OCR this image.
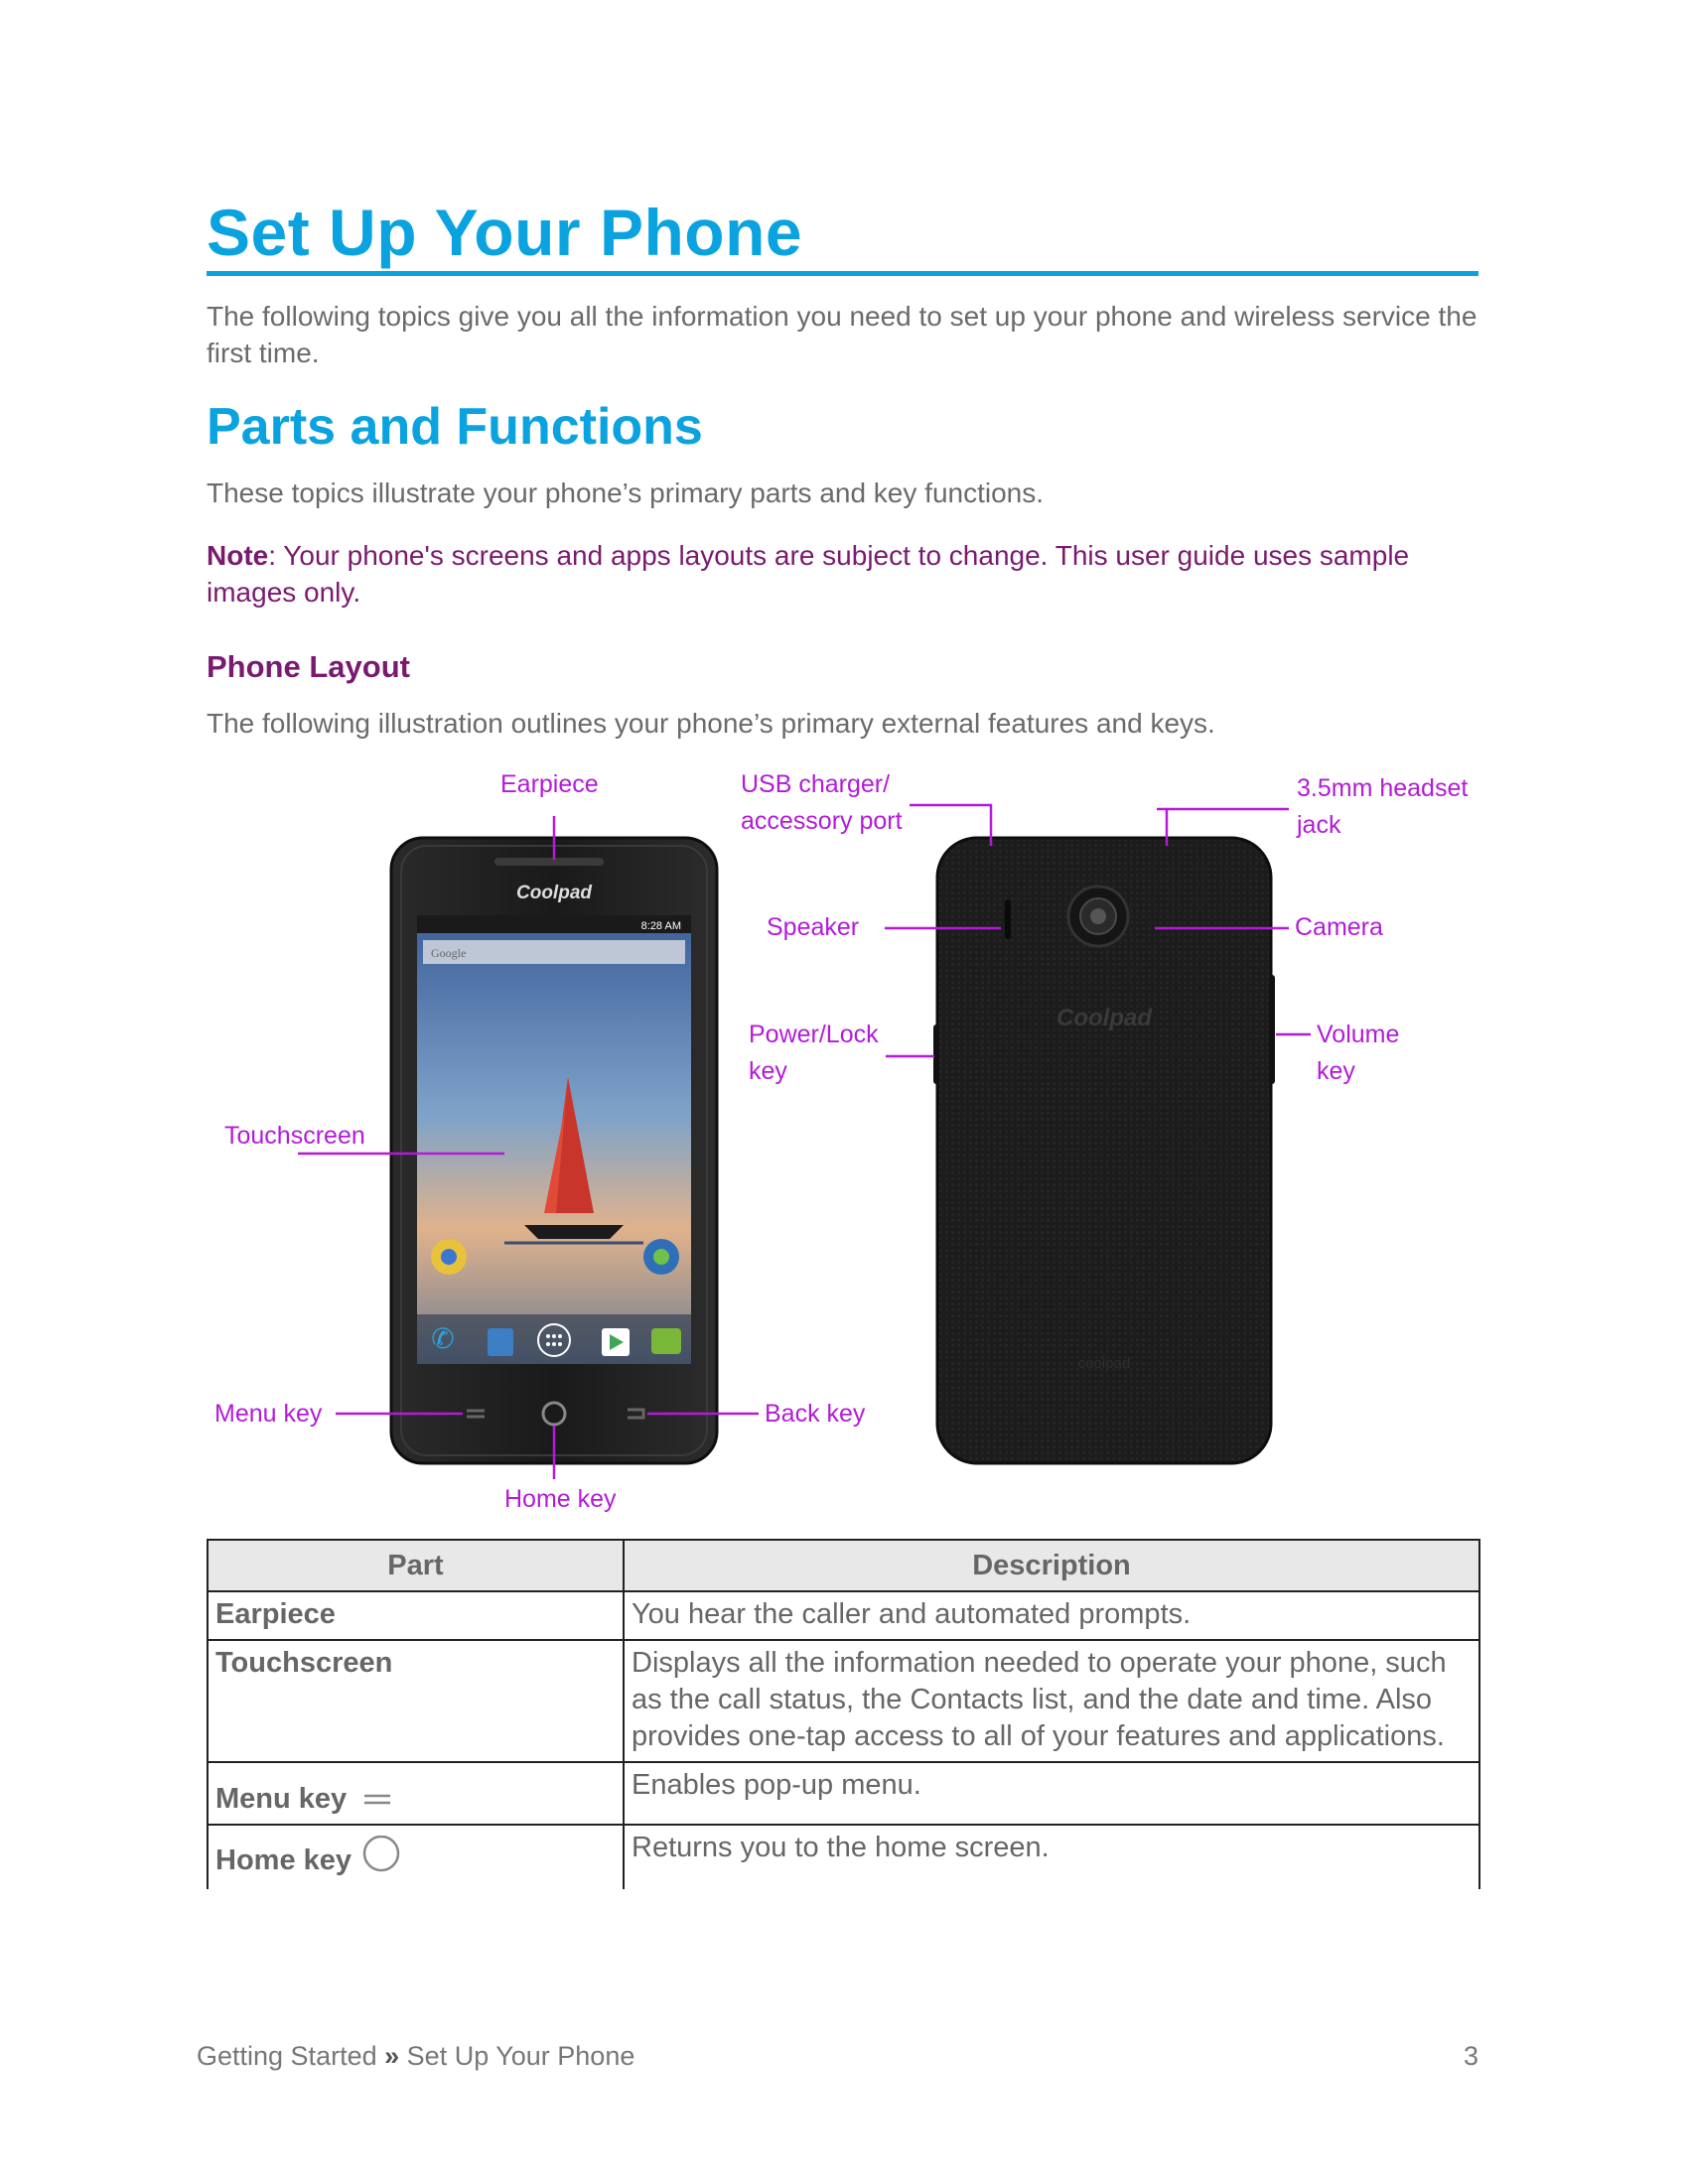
Set Up Your Phone

The following topics give you all the information you need to set up your phone and wireless service the first time.

Parts and Functions

These topics illustrate your phone’s primary parts and key functions.

Note: Your phone's screens and apps layouts are subject to change. This user guide uses sample images only.

Phone Layout

The following illustration outlines your phone’s primary external features and keys.

Coolpad
8:28 AM
Google
✆
Coolpad
coolpad
Earpiece	USB charger/
accessory port
3.5mm headset
jack
Speaker	Camera
Power/Lock
key
Volume
key
Touchscreen
Menu key	Back key
Home key
Part	Description
Earpiece	You hear the caller and automated prompts.
Touchscreen	Displays all the information needed to operate your phone, such as the call status, the Contacts list, and the date and time. Also provides one-tap access to all of your features and applications.
Menu key	Enables pop-up menu.
Home key	Returns you to the home screen.
Getting Started » Set Up Your Phone	3
